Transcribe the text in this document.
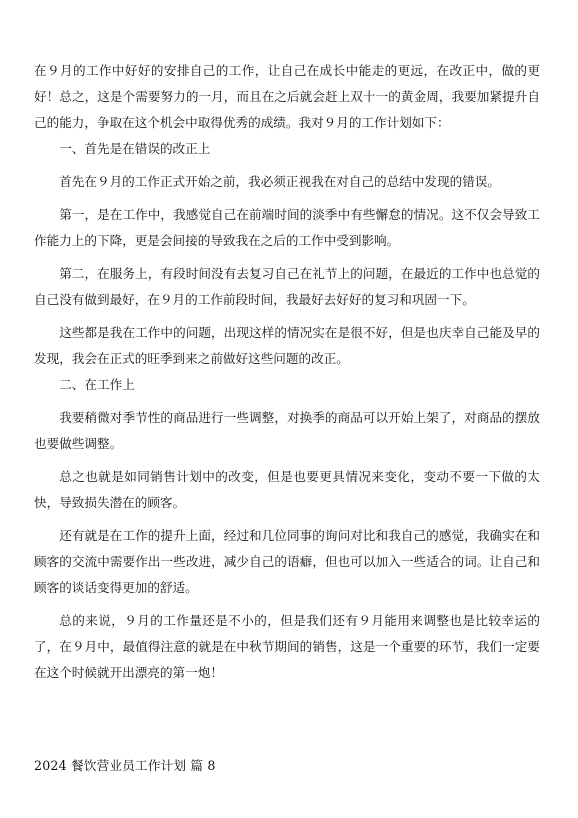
在９月的工作中好好的安排自己的工作，让自己在成长中能走的更远，在改正中，做的更好！总之，这是个需要努力的一月，而且在之后就会赶上双十一的黄金周，我要加紧提升自己的能力，争取在这个机会中取得优秀的成绩。我对９月的工作计划如下：

一、首先是在错误的改正上

首先在９月的工作正式开始之前，我必须正视我在对自己的总结中发现的错误。

第一，是在工作中，我感觉自己在前端时间的淡季中有些懈怠的情况。这不仅会导致工作能力上的下降，更是会间接的导致我在之后的工作中受到影响。

第二，在服务上，有段时间没有去复习自己在礼节上的问题，在最近的工作中也总觉的自己没有做到最好，在９月的工作前段时间，我最好去好好的复习和巩固一下。

这些都是我在工作中的问题，出现这样的情况实在是很不好，但是也庆幸自己能及早的发现，我会在正式的旺季到来之前做好这些问题的改正。

二、在工作上

我要稍微对季节性的商品进行一些调整，对换季的商品可以开始上架了，对商品的摆放也要做些调整。

总之也就是如同销售计划中的改变，但是也要更具情况来变化，变动不要一下做的太快，导致损失潜在的顾客。

还有就是在工作的提升上面，经过和几位同事的询问对比和我自己的感觉，我确实在和顾客的交流中需要作出一些改进，减少自己的语癖，但也可以加入一些适合的词。让自己和顾客的谈话变得更加的舒适。

总的来说，９月的工作量还是不小的，但是我们还有９月能用来调整也是比较幸运的了，在９月中，最值得注意的就是在中秋节期间的销售，这是一个重要的环节，我们一定要在这个时候就开出漂亮的第一炮！

2024 餐饮营业员工作计划 篇 8
